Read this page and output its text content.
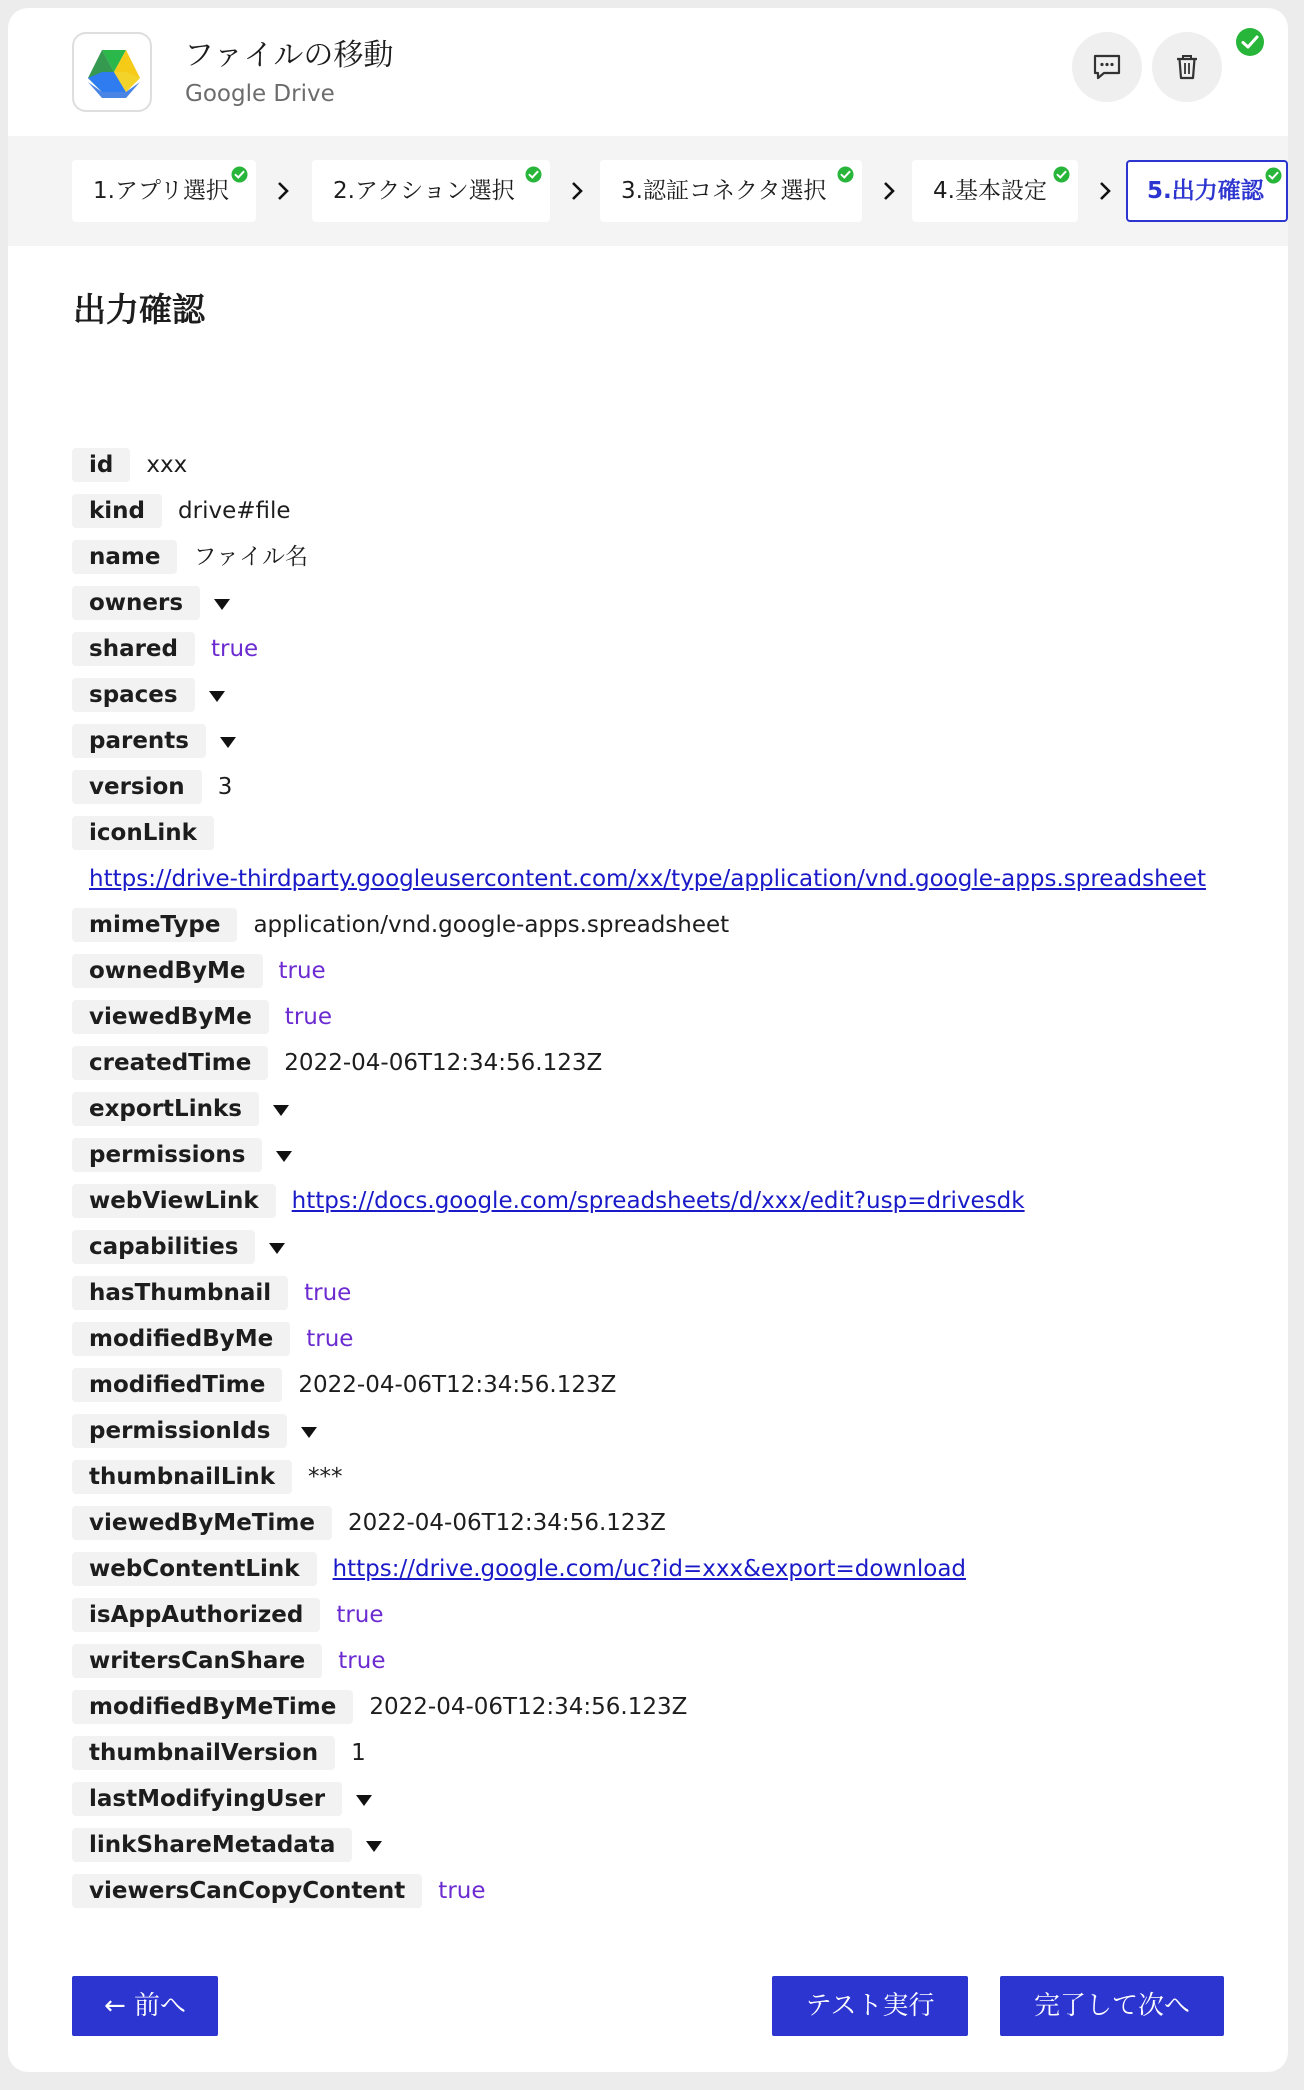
ファイルの移動
Google Drive
1.アプリ選択	2.アクション選択	3.認証コネクタ選択	4.基本設定	5.出力確認
出力確認
id	xxx
kind	drive#file
name	ファイル名
owners
shared	true
spaces
parents
version	3
iconLink
https://drive-thirdparty.googleusercontent.com/xx/type/application/vnd.google-apps.spreadsheet
mimeType	application/vnd.google-apps.spreadsheet
ownedByMe	true
viewedByMe	true
createdTime	2022-04-06T12:34:56.123Z
exportLinks
permissions
webViewLink	https://docs.google.com/spreadsheets/d/xxx/edit?usp=drivesdk
capabilities
hasThumbnail	true
modifiedByMe	true
modifiedTime	2022-04-06T12:34:56.123Z
permissionIds
thumbnailLink	***
viewedByMeTime	2022-04-06T12:34:56.123Z
webContentLink	https://drive.google.com/uc?id=xxx&export=download
isAppAuthorized	true
writersCanShare	true
modifiedByMeTime	2022-04-06T12:34:56.123Z
thumbnailVersion	1
lastModifyingUser
linkShareMetadata
viewersCanCopyContent	true
← 前へ	テスト実行	完了して次へ
